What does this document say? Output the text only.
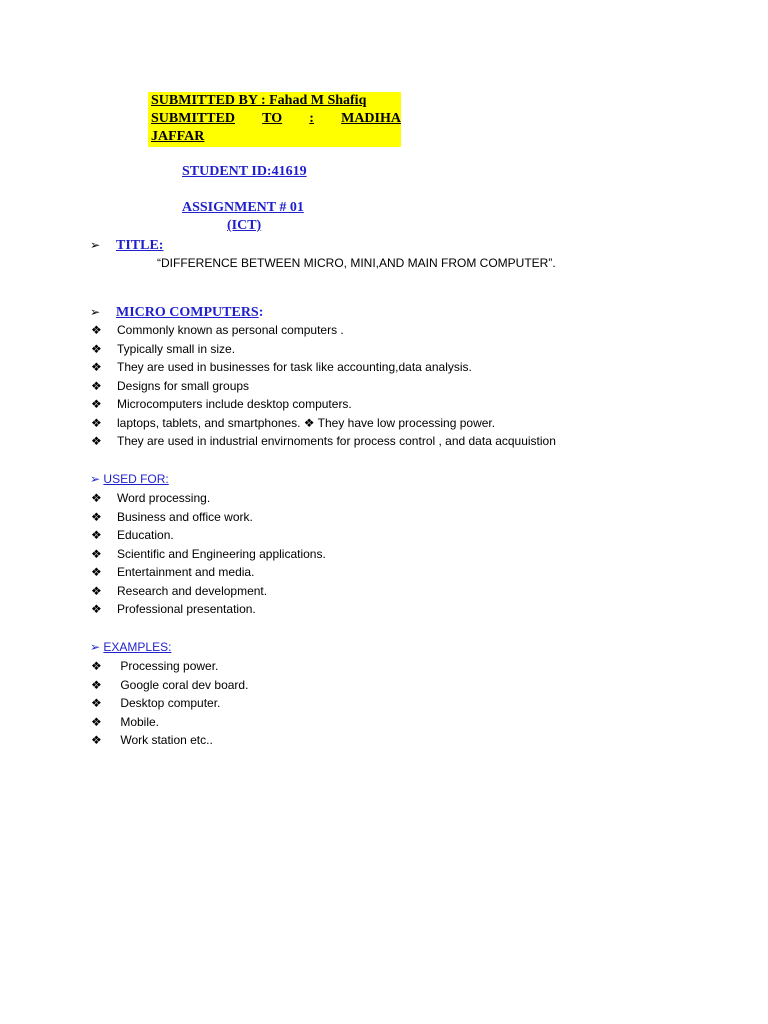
SUBMITTED BY : Fahad M Shafiq
SUBMITTED TO : MADIHA
JAFFAR
STUDENT ID:41619
ASSIGNMENT # 01
(ICT)
➢ TITLE:
“DIFFERENCE BETWEEN MICRO, MINI,AND MAIN FROM COMPUTER”.
➢ MICRO COMPUTERS:
❖	Commonly known as personal computers .
❖	Typically small in size.
❖	They are used in businesses for task like accounting,data analysis.
❖	Designs for small groups
❖	Microcomputers include desktop computers.
❖	laptops, tablets, and smartphones. ❖ They have low processing power.
❖	They are used in industrial envirnoments for process control , and data acquuistion
➢ USED FOR:
❖	Word processing.
❖	Business and office work.
❖	Education.
❖	Scientific and Engineering applications.
❖	Entertainment and media.
❖	Research and development.
❖	Professional presentation.
➢ EXAMPLES:
❖	Processing power.
❖	Google coral dev board.
❖	Desktop computer.
❖	Mobile.
❖	Work station etc..
